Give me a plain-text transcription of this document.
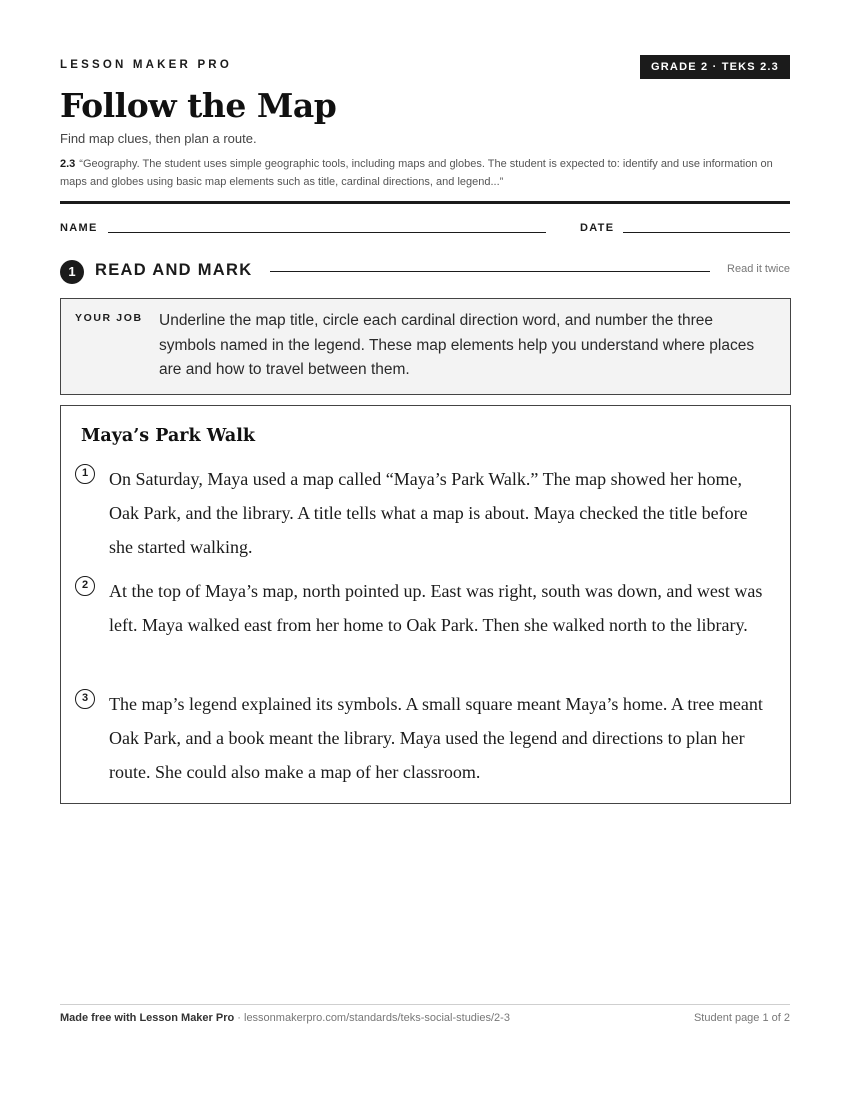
LESSON MAKER PRO	GRADE 2 · TEKS 2.3
Follow the Map
Find map clues, then plan a route.
2.3 “Geography. The student uses simple geographic tools, including maps and globes. The student is expected to: identify and use information on maps and globes using basic map elements such as title, cardinal directions, and legend...”
NAME	DATE
1	READ AND MARK	Read it twice
YOUR JOB Underline the map title, circle each cardinal direction word, and number the three symbols named in the legend. These map elements help you understand where places are and how to travel between them.
Maya’s Park Walk
1	On Saturday, Maya used a map called “Maya’s Park Walk.” The map showed her home, Oak Park, and the library. A title tells what a map is about. Maya checked the title before she started walking.
2	At the top of Maya’s map, north pointed up. East was right, south was down, and west was left. Maya walked east from her home to Oak Park. Then she walked north to the library.
3	The map’s legend explained its symbols. A small square meant Maya’s home. A tree meant Oak Park, and a book meant the library. Maya used the legend and directions to plan her route. She could also make a map of her classroom.
Made free with Lesson Maker Pro · lessonmakerpro.com/standards/teks-social-studies/2-3	Student page 1 of 2
